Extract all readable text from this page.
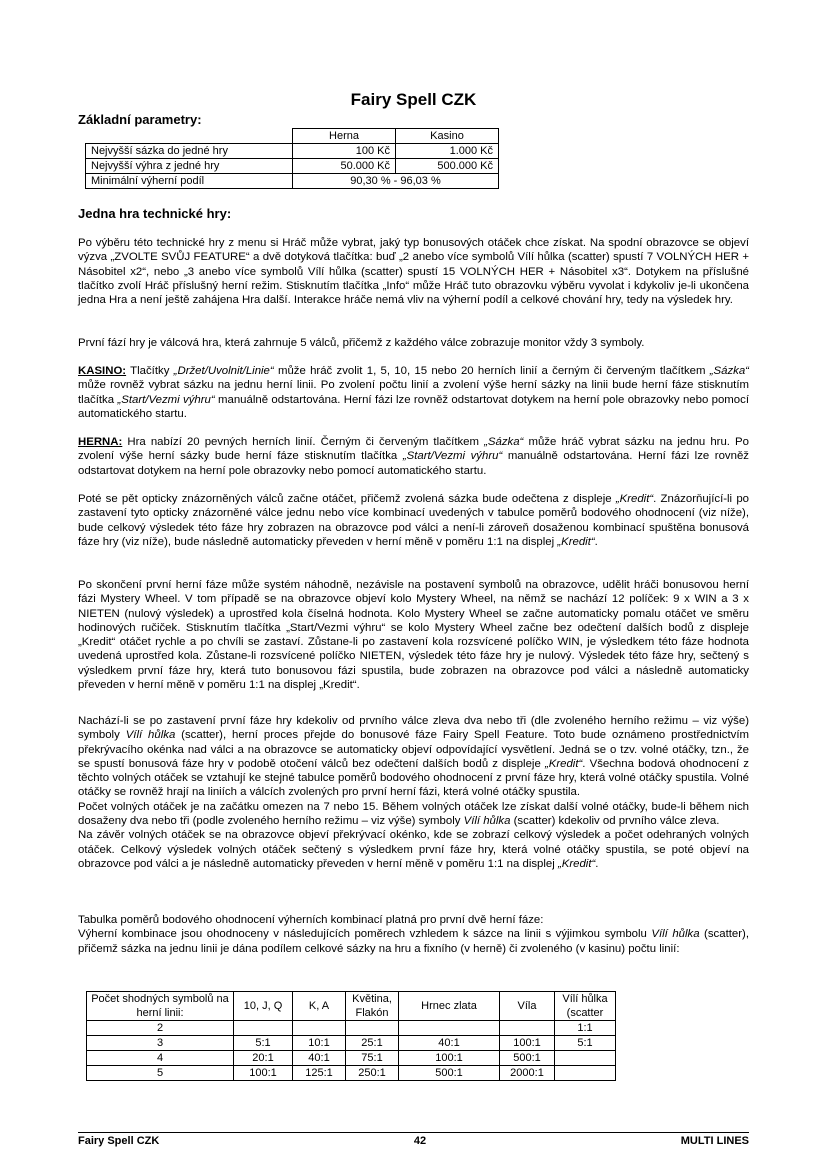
Fairy Spell CZK
Základní parametry:
	Herna	Kasino
Nejvyšší sázka do jedné hry	100 Kč	1.000 Kč
Nejvyšší výhra z jedné hry	50.000 Kč	500.000 Kč
Minimální výherní podíl	90,30 % - 96,03 %	
Jedna hra technické hry:

Po výběru této technické hry z menu si Hráč může vybrat, jaký typ bonusových otáček chce získat. Na spodní obrazovce se objeví výzva „ZVOLTE SVŮJ FEATURE“ a dvě dotyková tlačítka: buď „2 anebo více symbolů Vílí hůlka (scatter) spustí 7 VOLNÝCH HER + Násobitel x2“, nebo „3 anebo více symbolů Vílí hůlka (scatter) spustí 15 VOLNÝCH HER + Násobitel x3“. Dotykem na příslušné tlačítko zvolí Hráč příslušný herní režim. Stisknutím tlačítka „Info“ může Hráč tuto obrazovku výběru vyvolat i kdykoliv je-li ukončena jedna Hra a není ještě zahájena Hra další. Interakce hráče nemá vliv na výherní podíl a celkové chování hry, tedy na výsledek hry.

První fází hry je válcová hra, která zahrnuje 5 válců, přičemž z každého válce zobrazuje monitor vždy 3 symboly.

KASINO: Tlačítky „Držet/Uvolnit/Linie“ může hráč zvolit 1, 5, 10, 15 nebo 20 herních linií a černým či červeným tlačítkem „Sázka“ může rovněž vybrat sázku na jednu herní linii. Po zvolení počtu linií a zvolení výše herní sázky na linii bude herní fáze stisknutím tlačítka „Start/Vezmi výhru“ manuálně odstartována. Herní fázi lze rovněž odstartovat dotykem na herní pole obrazovky nebo pomocí automatického startu.

HERNA: Hra nabízí 20 pevných herních linií. Černým či červeným tlačítkem „Sázka“ může hráč vybrat sázku na jednu hru. Po zvolení výše herní sázky bude herní fáze stisknutím tlačítka „Start/Vezmi výhru“ manuálně odstartována. Herní fázi lze rovněž odstartovat dotykem na herní pole obrazovky nebo pomocí automatického startu.

Poté se pět opticky znázorněných válců začne otáčet, přičemž zvolená sázka bude odečtena z displeje „Kredit“. Znázorňující-li po zastavení tyto opticky znázorněné válce jednu nebo více kombinací uvedených v tabulce poměrů bodového ohodnocení (viz níže), bude celkový výsledek této fáze hry zobrazen na obrazovce pod válci a není-li zároveň dosaženou kombinací spuštěna bonusová fáze hry (viz níže), bude následně automaticky převeden v herní měně v poměru 1:1 na displej „Kredit“.

Po skončení první herní fáze může systém náhodně, nezávisle na postavení symbolů na obrazovce, udělit hráči bonusovou herní fázi Mystery Wheel. V tom případě se na obrazovce objeví kolo Mystery Wheel, na němž se nachází 12 políček: 9 x WIN a 3 x NIETEN (nulový výsledek) a uprostřed kola číselná hodnota. Kolo Mystery Wheel se začne automaticky pomalu otáčet ve směru hodinových ručiček. Stisknutím tlačítka „Start/Vezmi výhru“ se kolo Mystery Wheel začne bez odečtení dalších bodů z displeje „Kredit“ otáčet rychle a po chvíli se zastaví. Zůstane-li po zastavení kola rozsvícené políčko WIN, je výsledkem této fáze hodnota uvedená uprostřed kola. Zůstane-li rozsvícené políčko NIETEN, výsledek této fáze hry je nulový. Výsledek této fáze hry, sečtený s výsledkem první fáze hry, která tuto bonusovou fázi spustila, bude zobrazen na obrazovce pod válci a následně automaticky převeden v herní měně v poměru 1:1 na displej „Kredit“.

Nachází-li se po zastavení první fáze hry kdekoliv od prvního válce zleva dva nebo tři (dle zvoleného herního režimu – viz výše) symboly Vílí hůlka (scatter), herní proces přejde do bonusové fáze Fairy Spell Feature. Toto bude oznámeno prostřednictvím překrývacího okénka nad válci a na obrazovce se automaticky objeví odpovídající vysvětlení. Jedná se o tzv. volné otáčky, tzn., že se spustí bonusová fáze hry v podobě otočení válců bez odečtení dalších bodů z displeje „Kredit“. Všechna bodová ohodnocení z těchto volných otáček se vztahují ke stejné tabulce poměrů bodového ohodnocení z první fáze hry, která volné otáčky spustila. Volné otáčky se rovněž hrají na liniích a válcích zvolených pro první herní fázi, která volné otáčky spustila.

Počet volných otáček je na začátku omezen na 7 nebo 15. Během volných otáček lze získat další volné otáčky, bude-li během nich dosaženy dva nebo tři (podle zvoleného herního režimu – viz výše) symboly Vílí hůlka (scatter) kdekoliv od prvního válce zleva.

Na závěr volných otáček se na obrazovce objeví překrývací okénko, kde se zobrazí celkový výsledek a počet odehraných volných otáček. Celkový výsledek volných otáček sečtený s výsledkem první fáze hry, která volné otáčky spustila, se poté objeví na obrazovce pod válci a je následně automaticky převeden v herní měně v poměru 1:1 na displej „Kredit“.

Tabulka poměrů bodového ohodnocení výherních kombinací platná pro první dvě herní fáze:

Výherní kombinace jsou ohodnoceny v následujících poměrech vzhledem k sázce na linii s výjimkou symbolu Vílí hůlka (scatter), přičemž sázka na jednu linii je dána podílem celkové sázky na hru a fixního (v herně) či zvoleného (v kasinu) počtu linií:

Počet shodných symbolů na herní linii:	10, J, Q	K, A	Květina, Flakón	Hrnec zlata	Víla	Vílí hůlka (scatter
2						1:1
3	5:1	10:1	25:1	40:1	100:1	5:1
4	20:1	40:1	75:1	100:1	500:1	
5	100:1	125:1	250:1	500:1	2000:1	
Fairy Spell CZK	42	MULTI LINES
